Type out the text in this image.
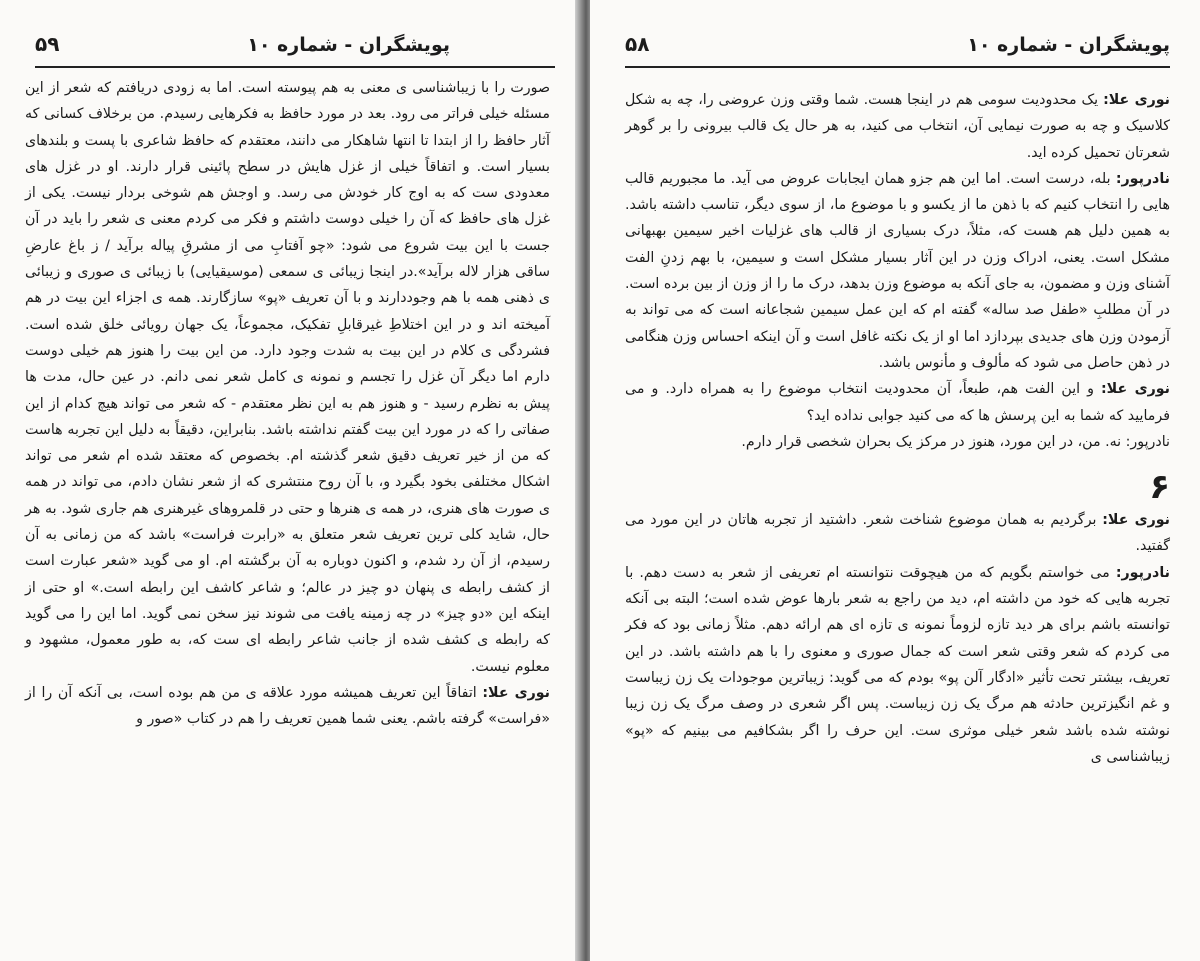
پویشگران - شماره ۱۰
۵۹

صورت را با زیباشناسی ی معنی به هم پیوسته است. اما به زودی دریافتم که شعر از این مسئله خیلی فراتر می رود. بعد در مورد حافظ به فکرهایی رسیدم. من برخلاف کسانی که آثار حافظ را از ابتدا تا انتها شاهکار می دانند، معتقدم که حافظ شاعری با پست و بلندهای بسیار است. و اتفاقاً خیلی از غزل هایش در سطح پائینی قرار دارند. او در غزل های معدودی ست که به اوج کار خودش می رسد. و اوجش هم شوخی بردار نیست. یکی از غزل های حافظ که آن را خیلی دوست داشتم و فکر می کردم معنی ی شعر را باید در آن جست با این بیت شروع می شود: «چو آفتابِ می از مشرقِ پیاله برآید / ز باغ عارضِ ساقی هزار لاله برآید».در اینجا زیبائی ی سمعی (موسیقیایی) با زیبائی ی صوری و زیبائی ی ذهنی همه با هم وجوددارند و با آن تعریف «پو» سازگارند. همه ی اجزاء این بیت در هم آمیخته اند و در این اختلاطِ غیرقابلِ تفکیک، مجموعاً، یک جهان رویائی خلق شده است. فشردگی ی کلام در این بیت به شدت وجود دارد. من این بیت را هنوز هم خیلی دوست دارم اما دیگر آن غزل را تجسم و نمونه ی کامل شعر نمی دانم. در عین حال، مدت ها پیش به نظرم رسید - و هنوز هم به این نظر معتقدم - که شعر می تواند هیچ کدام از این صفاتی را که در مورد این بیت گفتم نداشته باشد. بنابراین، دقیقاً به دلیل این تجربه هاست که من از خیر تعریف دقیق شعر گذشته ام. بخصوص که معتقد شده ام شعر می تواند اشکال مختلفی بخود بگیرد و، با آن روح منتشری که از شعر نشان دادم، می تواند در همه ی صورت های هنری، در همه ی هنرها و حتی در قلمروهای غیرهنری هم جاری شود. به هر حال، شاید کلی ترین تعریف شعر متعلق به «رابرت فراست» باشد که من زمانی به آن رسیدم، از آن رد شدم، و اکنون دوباره به آن برگشته ام. او می گوید «شعر عبارت است از کشف رابطه ی پنهان دو چیز در عالم؛ و شاعر کاشف این رابطه است.» او حتی از اینکه این «دو چیز» در چه زمینه یافت می شوند نیز سخن نمی گوید. اما این را می گوید که رابطه ی کشف شده از جانب شاعر رابطه ای ست که، به طور معمول، مشهود و معلوم نیست.

نوری علا: اتفاقاً این تعریف همیشه مورد علاقه ی من هم بوده است، بی آنکه آن را از «فراست» گرفته باشم. یعنی شما همین تعریف را هم در کتاب «صور و

پویشگران - شماره ۱۰
۵۸

نوری علا: یک محدودیت سومی هم در اینجا هست. شما وقتی وزن عروضی را، چه به شکل کلاسیک و چه به صورت نیمایی آن، انتخاب می کنید، به هر حال یک قالب بیرونی را بر گوهر شعرتان تحمیل کرده اید.

نادرپور: بله، درست است. اما این هم جزو همان ایجابات عروض می آید. ما مجبوریم قالب هایی را انتخاب کنیم که با ذهن ما از یکسو و با موضوع ما، از سوی دیگر، تناسب داشته باشد. به همین دلیل هم هست که، مثلاً، درک بسیاری از قالب های غزلیات اخیر سیمین بهبهانی مشکل است. یعنی، ادراک وزن در این آثار بسیار مشکل است و سیمین، با بهم زدنِ الفت آشنای وزن و مضمون، به جای آنکه به موضوع وزن بدهد، درک ما را از وزن از بین برده است. در آن مطلبِ «طفل صد ساله» گفته ام که این عمل سیمین شجاعانه است که می تواند به آزمودن وزن های جدیدی بپردازد اما او از یک نکته غافل است و آن اینکه احساس وزن هنگامی در ذهن حاصل می شود که مألوف و مأنوس باشد.

نوری علا: و این الفت هم، طبعاً، آن محدودیت انتخاب موضوع را به همراه دارد. و می فرمایید که شما به این پرسش ها که می کنید جوابی نداده اید؟

نادرپور: نه. من، در این مورد، هنوز در مرکز یک بحران شخصی قرار دارم.

۶

نوری علا: برگردیم به همان موضوع شناخت شعر. داشتید از تجربه هاتان در این مورد می گفتید.

نادرپور: می خواستم بگویم که من هیچوقت نتوانسته ام تعریفی از شعر به دست دهم. با تجربه هایی که خود من داشته ام، دید من راجع به شعر بارها عوض شده است؛ البته بی آنکه توانسته باشم برای هر دید تازه لزوماً نمونه ی تازه ای هم ارائه دهم. مثلاً زمانی بود که فکر می کردم که شعر وقتی شعر است که جمال صوری و معنوی را با هم داشته باشد. در این تعریف، بیشتر تحت تأثیر «ادگار آلن پو» بودم که می گوید: زیباترین موجودات یک زن زیباست و غم انگیزترین حادثه هم مرگ یک زن زیباست. پس اگر شعری در وصف مرگ یک زن زیبا نوشته شده باشد شعر خیلی موثری ست. این حرف را اگر بشکافیم می بینیم که «پو» زیباشناسی ی
